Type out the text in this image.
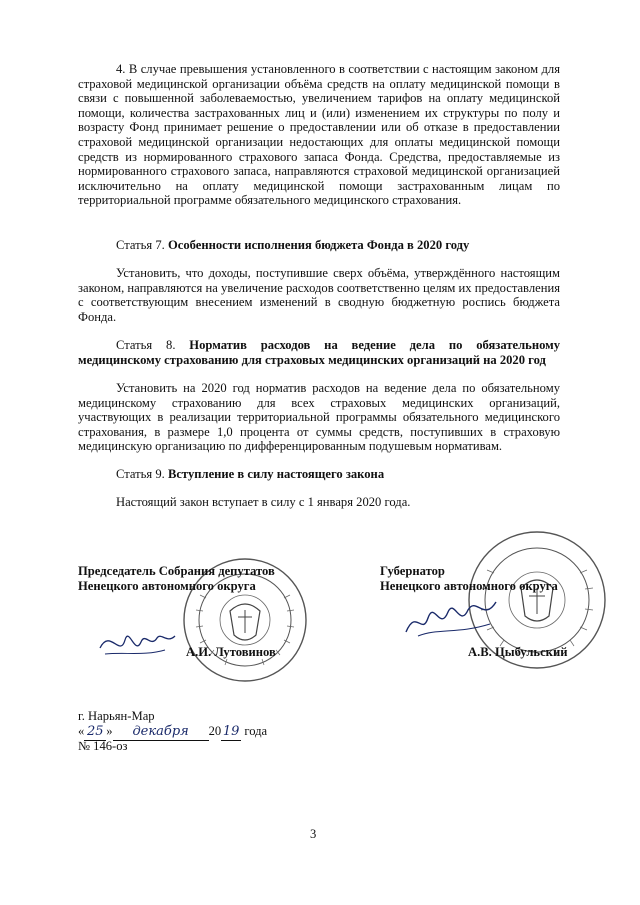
4. В случае превышения установленного в соответствии с настоящим законом для страховой медицинской организации объёма средств на оплату медицинской помощи в связи с повышенной заболеваемостью, увеличением тарифов на оплату медицинской помощи, количества застрахованных лиц и (или) изменением их структуры по полу и возрасту Фонд принимает решение о предоставлении или об отказе в предоставлении страховой медицинской организации недостающих для оплаты медицинской помощи средств из нормированного страхового запаса Фонда. Средства, предоставляемые из нормированного страхового запаса, направляются страховой медицинской организацией исключительно на оплату медицинской помощи застрахованным лицам по территориальной программе обязательного медицинского страхования.

Статья 7. Особенности исполнения бюджета Фонда в 2020 году

Установить, что доходы, поступившие сверх объёма, утверждённого настоящим законом, направляются на увеличение расходов соответственно целям их предоставления с соответствующим внесением изменений в сводную бюджетную роспись бюджета Фонда.

Статья 8. Норматив расходов на ведение дела по обязательному медицинскому страхованию для страховых медицинских организаций на 2020 год

Установить на 2020 год норматив расходов на ведение дела по обязательному медицинскому страхованию для всех страховых медицинских организаций, участвующих в реализации территориальной программы обязательного медицинского страхования, в размере 1,0 процента от суммы средств, поступивших в страховую медицинскую организацию по дифференцированным подушевым нормативам.

Статья 9. Вступление в силу настоящего закона

Настоящий закон вступает в силу с 1 января 2020 года.

Председатель Собрания депутатов
Ненецкого автономного округа
Губернатор
Ненецкого автономного округа
А.И. Лутовинов	А.В. Цыбульский
г. Нарьян-Мар
« 25 » декабря 20 19 года
№ 146-оз
3
